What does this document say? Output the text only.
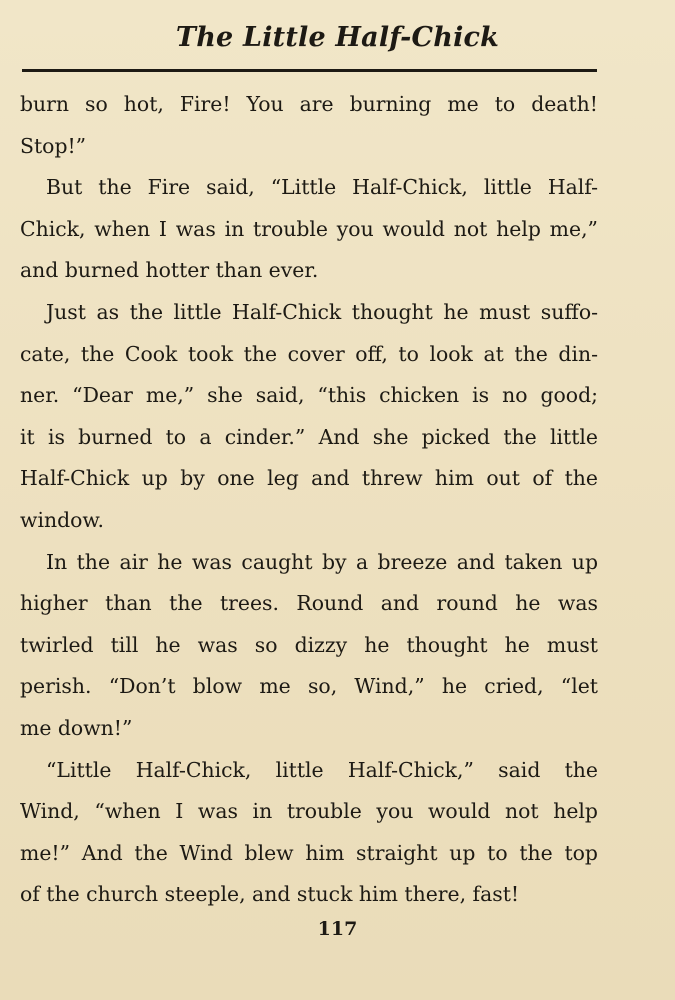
The Little Half-Chick
burn so hot, Fire! You are burning me to death!
Stop!”
But the Fire said, “Little Half-Chick, little Half-
Chick, when I was in trouble you would not help me,”
and burned hotter than ever.
Just as the little Half-Chick thought he must suffo-
cate, the Cook took the cover off, to look at the din-
ner. “Dear me,” she said, “this chicken is no good;
it is burned to a cinder.” And she picked the little
Half-Chick up by one leg and threw him out of the
window.
In the air he was caught by a breeze and taken up
higher than the trees. Round and round he was
twirled till he was so dizzy he thought he must
perish. “Don’t blow me so, Wind,” he cried, “let
me down!”
“Little Half-Chick, little Half-Chick,” said the
Wind, “when I was in trouble you would not help
me!” And the Wind blew him straight up to the top
of the church steeple, and stuck him there, fast!
117
